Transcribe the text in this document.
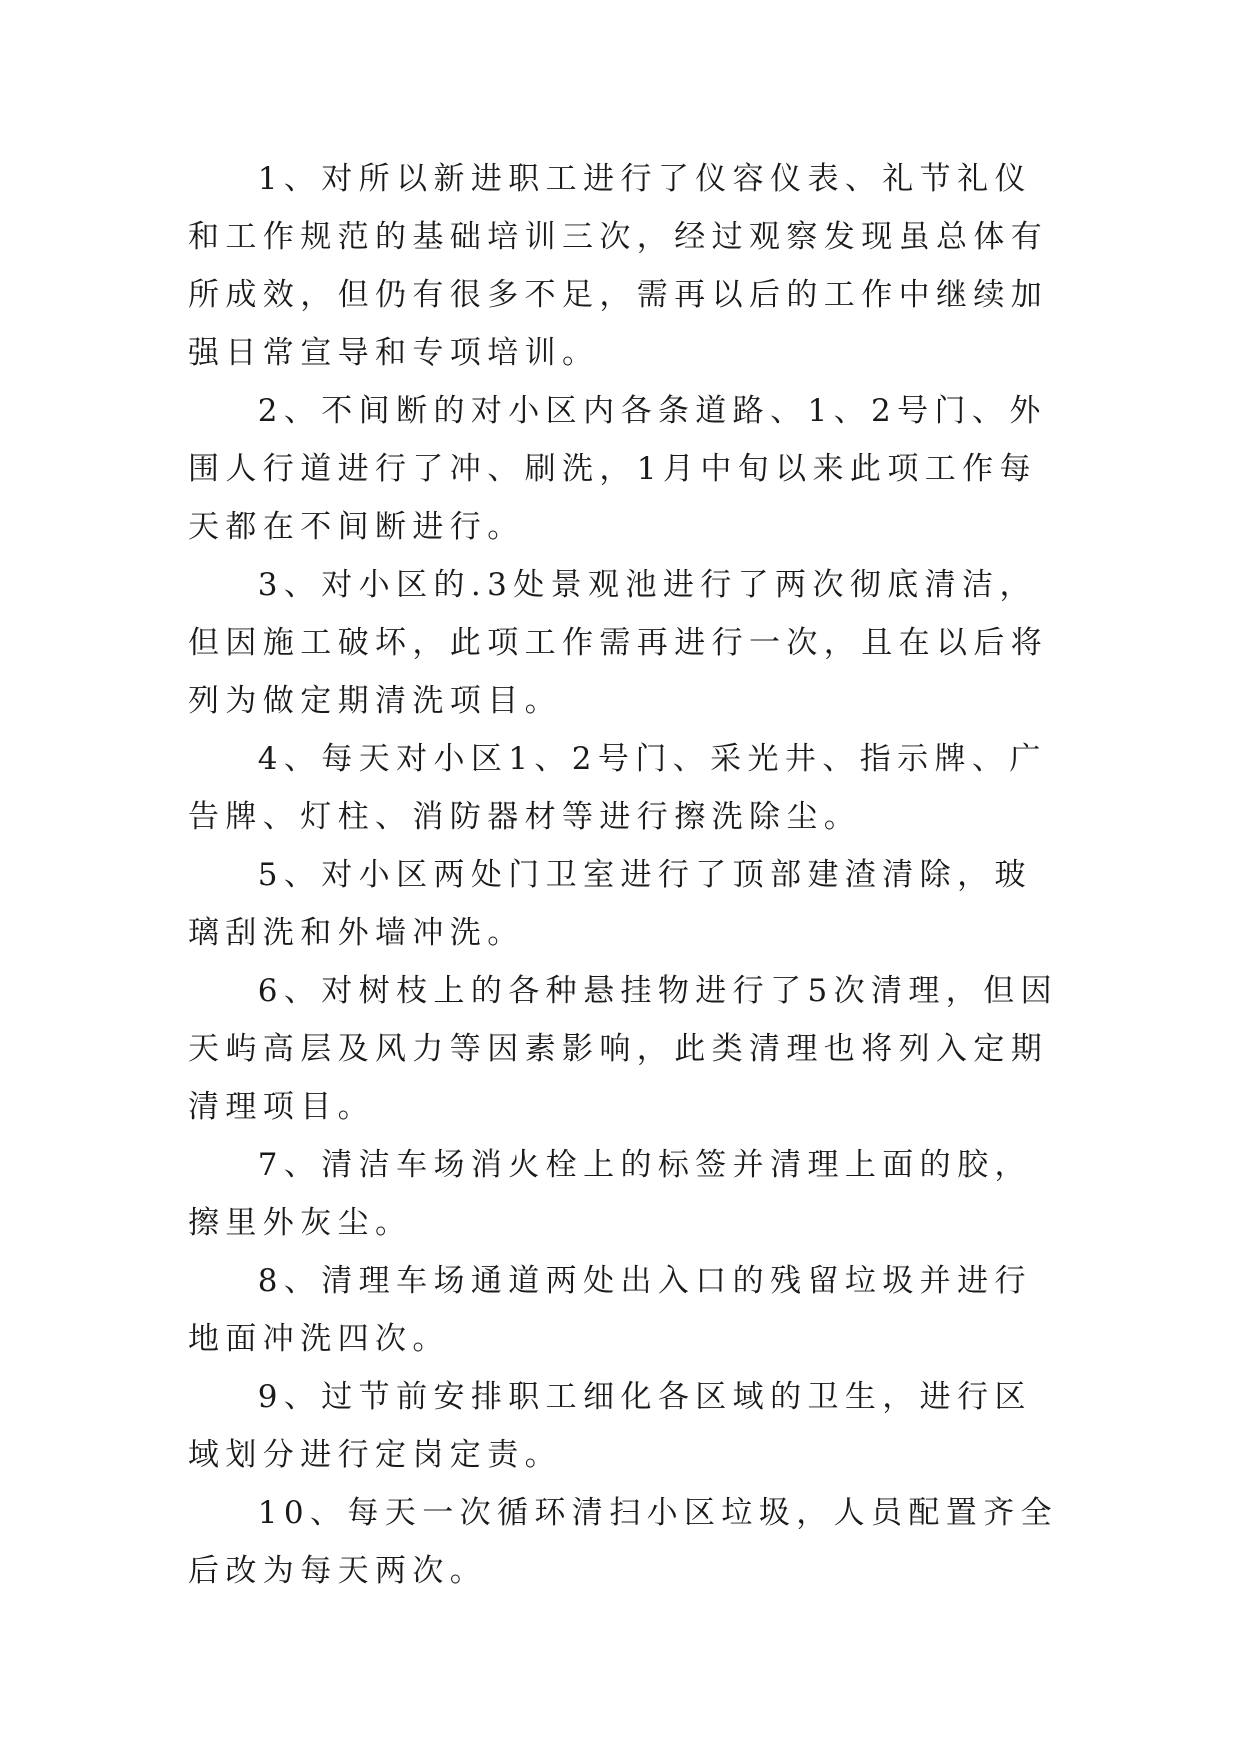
1、对所以新进职工进行了仪容仪表、礼节礼仪和工作规范的基础培训三次，经过观察发现虽总体有所成效，但仍有很多不足，需再以后的工作中继续加强日常宣导和专项培训。

2、不间断的对小区内各条道路、1、2号门、外围人行道进行了冲、刷洗，1月中旬以来此项工作每天都在不间断进行。

3、对小区的.3处景观池进行了两次彻底清洁，但因施工破坏，此项工作需再进行一次，且在以后将列为做定期清洗项目。

4、每天对小区1、2号门、采光井、指示牌、广告牌、灯柱、消防器材等进行擦洗除尘。

5、对小区两处门卫室进行了顶部建渣清除，玻璃刮洗和外墙冲洗。

6、对树枝上的各种悬挂物进行了5次清理，但因天屿高层及风力等因素影响，此类清理也将列入定期清理项目。

7、清洁车场消火栓上的标签并清理上面的胶，擦里外灰尘。

8、清理车场通道两处出入口的残留垃圾并进行地面冲洗四次。

9、过节前安排职工细化各区域的卫生，进行区域划分进行定岗定责。

10、每天一次循环清扫小区垃圾，人员配置齐全后改为每天两次。
